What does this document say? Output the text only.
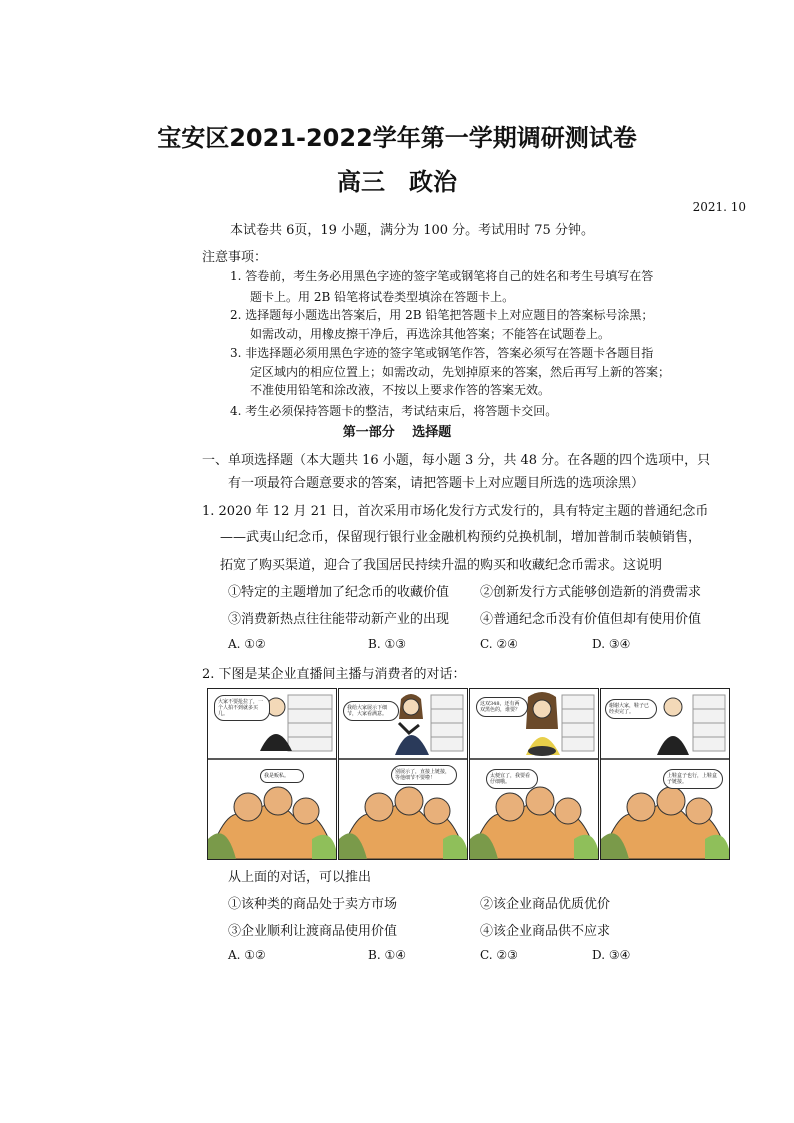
宝安区2021-2022学年第一学期调研测试卷
高三　政治
2021. 10
本试卷共 6页，19 小题，满分为 100 分。考试用时 75 分钟。
注意事项：
1. 答卷前，考生务必用黑色字迹的签字笔或钢笔将自己的姓名和考生号填写在答
题卡上。用 2B 铅笔将试卷类型填涂在答题卡上。
2. 选择题每小题选出答案后，用 2B 铅笔把答题卡上对应题目的答案标号涂黑；
如需改动，用橡皮擦干净后，再选涂其他答案；不能答在试题卷上。
3. 非选择题必须用黑色字迹的签字笔或钢笔作答，答案必须写在答题卡各题目指
定区域内的相应位置上；如需改动，先划掉原来的答案，然后再写上新的答案；
不准使用铅笔和涂改液，不按以上要求作答的答案无效。
4. 考生必须保持答题卡的整洁，考试结束后，将答题卡交回。
第一部分　 选择题
一、单项选择题（本大题共 16 小题，每小题 3 分，共 48 分。在各题的四个选项中，只
有一项最符合题意要求的答案，请把答题卡上对应题目所选的选项涂黑）
1. 2020 年 12 月 21 日，首次采用市场化发行方式发行的，具有特定主题的普通纪念币
——武夷山纪念币，保留现行银行业金融机构预约兑换机制，增加普制币装帧销售，
拓宽了购买渠道，迎合了我国居民持续升温的购买和收藏纪念币需求。这说明
①特定的主题增加了纪念币的收藏价值 ②创新发行方式能够创造新的消费需求
③消费新热点往往能带动新产业的出现 ④普通纪念币没有价值但却有使用价值
A. ①②	B. ①③	C. ②④	D. ③④
2. 下图是某企业直播间主播与消费者的对话：
大家不要抢拉了，一个人拍不到就多买几。
我是贩私。
我给大家展示下细节，大家看满意。
别展示了，直接上链接，等他细节不要啦！
这双348，还有两双黑色的，谁要？
太便宜了，我要看仔细哦。
谢谢大家，鞋子已经卖完了。
上鞋盒子也行，上鞋盒子链接。
从上面的对话，可以推出
①该种类的商品处于卖方市场	②该企业商品优质优价
③企业顺利让渡商品使用价值	④该企业商品供不应求
A. ①②	B. ①④	C. ②③	D. ③④
